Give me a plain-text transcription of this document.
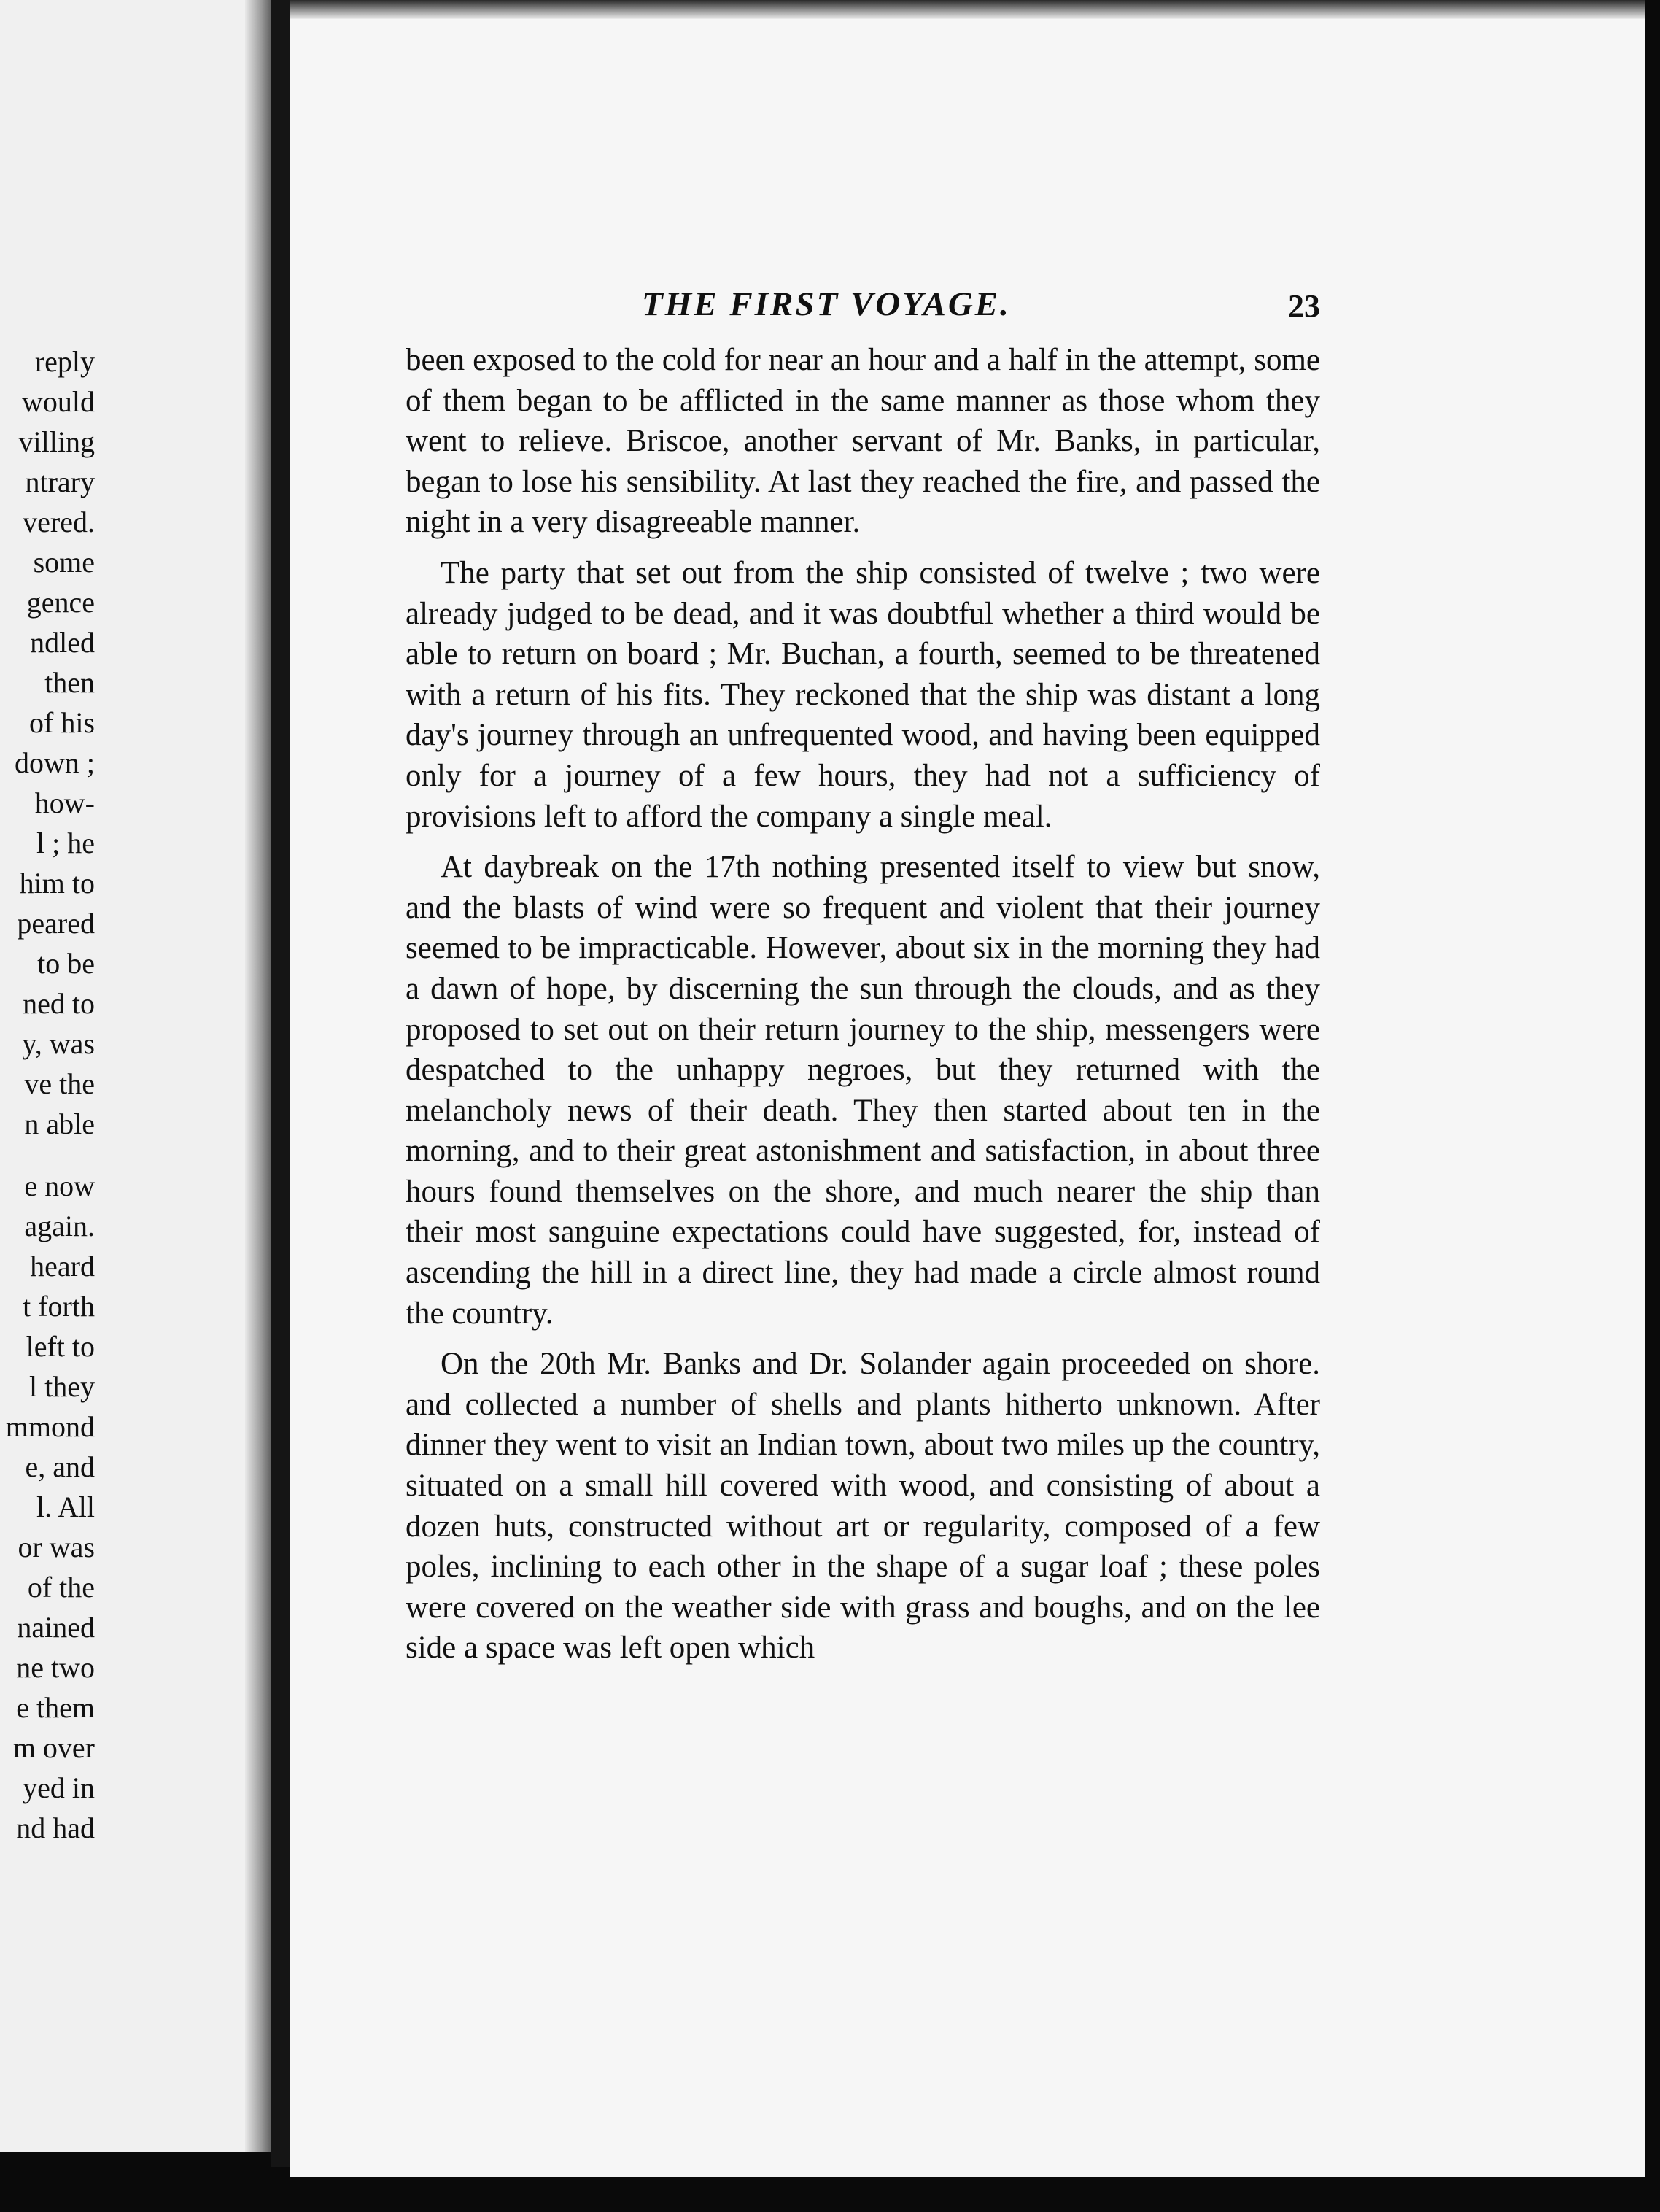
reply
would
villing
ntrary
vered.
some
gence
ndled
then
of his
down ;
how-
l ; he
him to
peared
to be
ned to
y, was
ve the
n able
e now
again.
heard
t forth
left to
l they
mmond
e, and
l. All
or was
of the
nained
ne two
e them
m over
yed in
nd had
THE FIRST VOYAGE.	23

been exposed to the cold for near an hour and a half in the attempt, some of them began to be afflicted in the same manner as those whom they went to relieve. Briscoe, another servant of Mr. Banks, in particular, began to lose his sensibility. At last they reached the fire, and passed the night in a very disagreeable manner.

The party that set out from the ship consisted of twelve ; two were already judged to be dead, and it was doubtful whether a third would be able to return on board ; Mr. Buchan, a fourth, seemed to be threatened with a return of his fits. They reckoned that the ship was distant a long day's journey through an unfrequented wood, and having been equipped only for a journey of a few hours, they had not a sufficiency of provisions left to afford the company a single meal.

At daybreak on the 17th nothing presented itself to view but snow, and the blasts of wind were so frequent and violent that their journey seemed to be impracticable. However, about six in the morning they had a dawn of hope, by discerning the sun through the clouds, and as they proposed to set out on their return journey to the ship, messengers were despatched to the unhappy negroes, but they returned with the melancholy news of their death. They then started about ten in the morning, and to their great astonishment and satisfaction, in about three hours found themselves on the shore, and much nearer the ship than their most sanguine expectations could have suggested, for, instead of ascending the hill in a direct line, they had made a circle almost round the country.

On the 20th Mr. Banks and Dr. Solander again proceeded on shore. and collected a number of shells and plants hitherto unknown. After dinner they went to visit an Indian town, about two miles up the country, situated on a small hill covered with wood, and consisting of about a dozen huts, constructed without art or regularity, composed of a few poles, inclining to each other in the shape of a sugar loaf ; these poles were covered on the weather side with grass and boughs, and on the lee side a space was left open which
